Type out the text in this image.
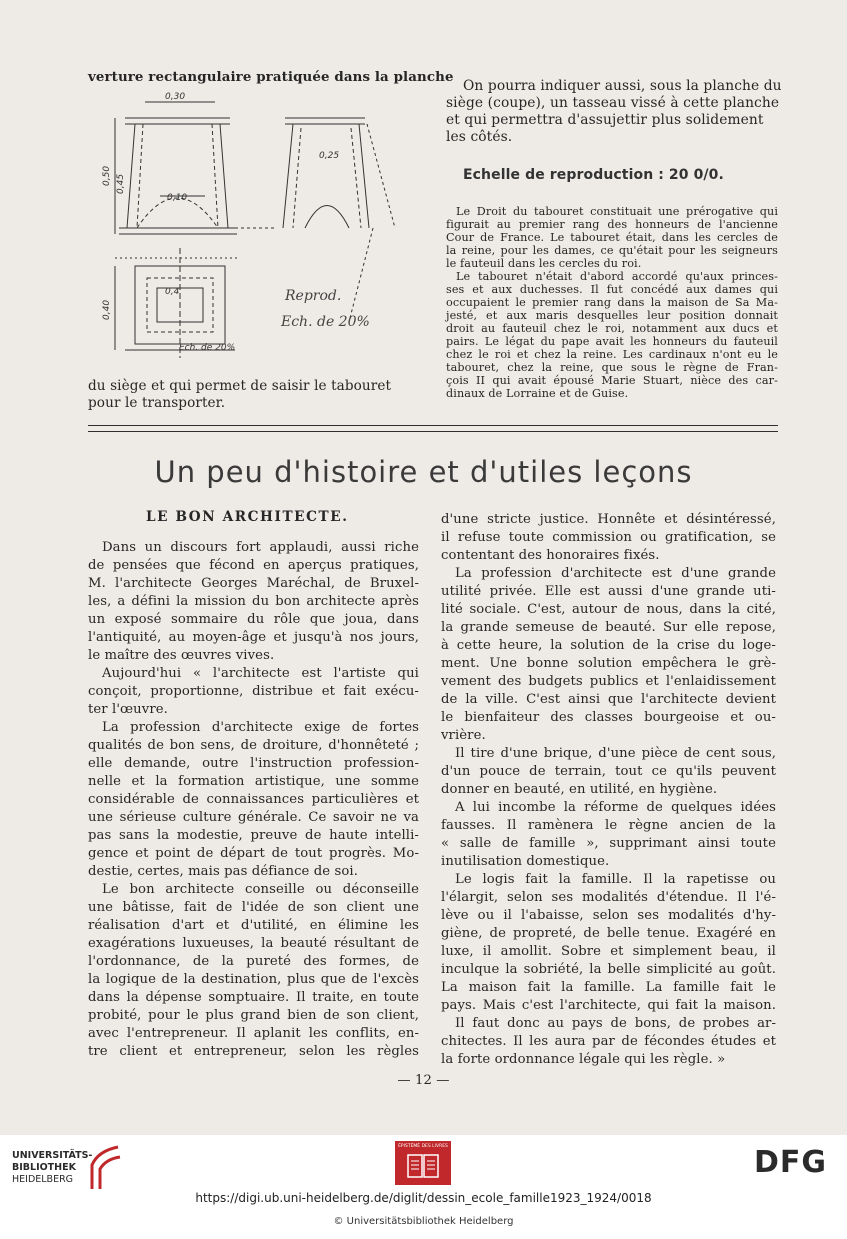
verture rectangulaire pratiquée dans la planche
0,30
0,25
0,10
0,4
0,50
0,40
0,45
Ech. de 20%
Reprod.
Ech. de 20%
du siège et qui permet de saisir le tabouret
pour le transporter.
On pourra indiquer aussi, sous la planche du
siège (coupe), un tasseau vissé à cette planche
et qui permettra d'assujettir plus solidement
les côtés.
Echelle de reproduction : 20 0/0.
Le Droit du tabouret constituait une prérogative qui
figurait au premier rang des honneurs de l'ancienne
Cour de France. Le tabouret était, dans les cercles de
la reine, pour les dames, ce qu'était pour les seigneurs
le fauteuil dans les cercles du roi.
Le tabouret n'était d'abord accordé qu'aux princes-
ses et aux duchesses. Il fut concédé aux dames qui
occupaient le premier rang dans la maison de Sa Ma-
jesté, et aux maris desquelles leur position donnait
droit au fauteuil chez le roi, notamment aux ducs et
pairs. Le légat du pape avait les honneurs du fauteuil
chez le roi et chez la reine. Les cardinaux n'ont eu le
tabouret, chez la reine, que sous le règne de Fran-
çois II qui avait épousé Marie Stuart, nièce des car-
dinaux de Lorraine et de Guise.
Un peu d'histoire et d'utiles leçons
LE BON ARCHITECTE.
Dans un discours fort applaudi, aussi riche
de pensées que fécond en aperçus pratiques,
M. l'architecte Georges Maréchal, de Bruxel-
les, a défini la mission du bon architecte après
un exposé sommaire du rôle que joua, dans
l'antiquité, au moyen-âge et jusqu'à nos jours,
le maître des œuvres vives.
Aujourd'hui « l'architecte est l'artiste qui
conçoit, proportionne, distribue et fait exécu-
ter l'œuvre.
La profession d'architecte exige de fortes
qualités de bon sens, de droiture, d'honnêteté ;
elle demande, outre l'instruction profession-
nelle et la formation artistique, une somme
considérable de connaissances particulières et
une sérieuse culture générale. Ce savoir ne va
pas sans la modestie, preuve de haute intelli-
gence et point de départ de tout progrès. Mo-
destie, certes, mais pas défiance de soi.
Le bon architecte conseille ou déconseille
une bâtisse, fait de l'idée de son client une
réalisation d'art et d'utilité, en élimine les
exagérations luxueuses, la beauté résultant de
l'ordonnance, de la pureté des formes, de
la logique de la destination, plus que de l'excès
dans la dépense somptuaire. Il traite, en toute
probité, pour le plus grand bien de son client,
avec l'entrepreneur. Il aplanit les conflits, en-
tre client et entrepreneur, selon les règles
d'une stricte justice. Honnête et désintéressé,
il refuse toute commission ou gratification, se
contentant des honoraires fixés.
La profession d'architecte est d'une grande
utilité privée. Elle est aussi d'une grande uti-
lité sociale. C'est, autour de nous, dans la cité,
la grande semeuse de beauté. Sur elle repose,
à cette heure, la solution de la crise du loge-
ment. Une bonne solution empêchera le grè-
vement des budgets publics et l'enlaidissement
de la ville. C'est ainsi que l'architecte devient
le bienfaiteur des classes bourgeoise et ou-
vrière.
Il tire d'une brique, d'une pièce de cent sous,
d'un pouce de terrain, tout ce qu'ils peuvent
donner en beauté, en utilité, en hygiène.
A lui incombe la réforme de quelques idées
fausses. Il ramènera le règne ancien de la
« salle de famille », supprimant ainsi toute
inutilisation domestique.
Le logis fait la famille. Il la rapetisse ou
l'élargit, selon ses modalités d'étendue. Il l'é-
lève ou il l'abaisse, selon ses modalités d'hy-
giène, de propreté, de belle tenue. Exagéré en
luxe, il amollit. Sobre et simplement beau, il
inculque la sobriété, la belle simplicité au goût.
La maison fait la famille. La famille fait le
pays. Mais c'est l'architecte, qui fait la maison.
Il faut donc au pays de bons, de probes ar-
chitectes. Il les aura par de fécondes études et
la forte ordonnance légale qui les règle. »
— 12 —
UNIVERSITÄTS-
BIBLIOTHEK
HEIDELBERG
ÉPISTÉMÈ DES LIVRES	DFG
https://digi.ub.uni-heidelberg.de/diglit/dessin_ecole_famille1923_1924/0018
© Universitätsbibliothek Heidelberg
